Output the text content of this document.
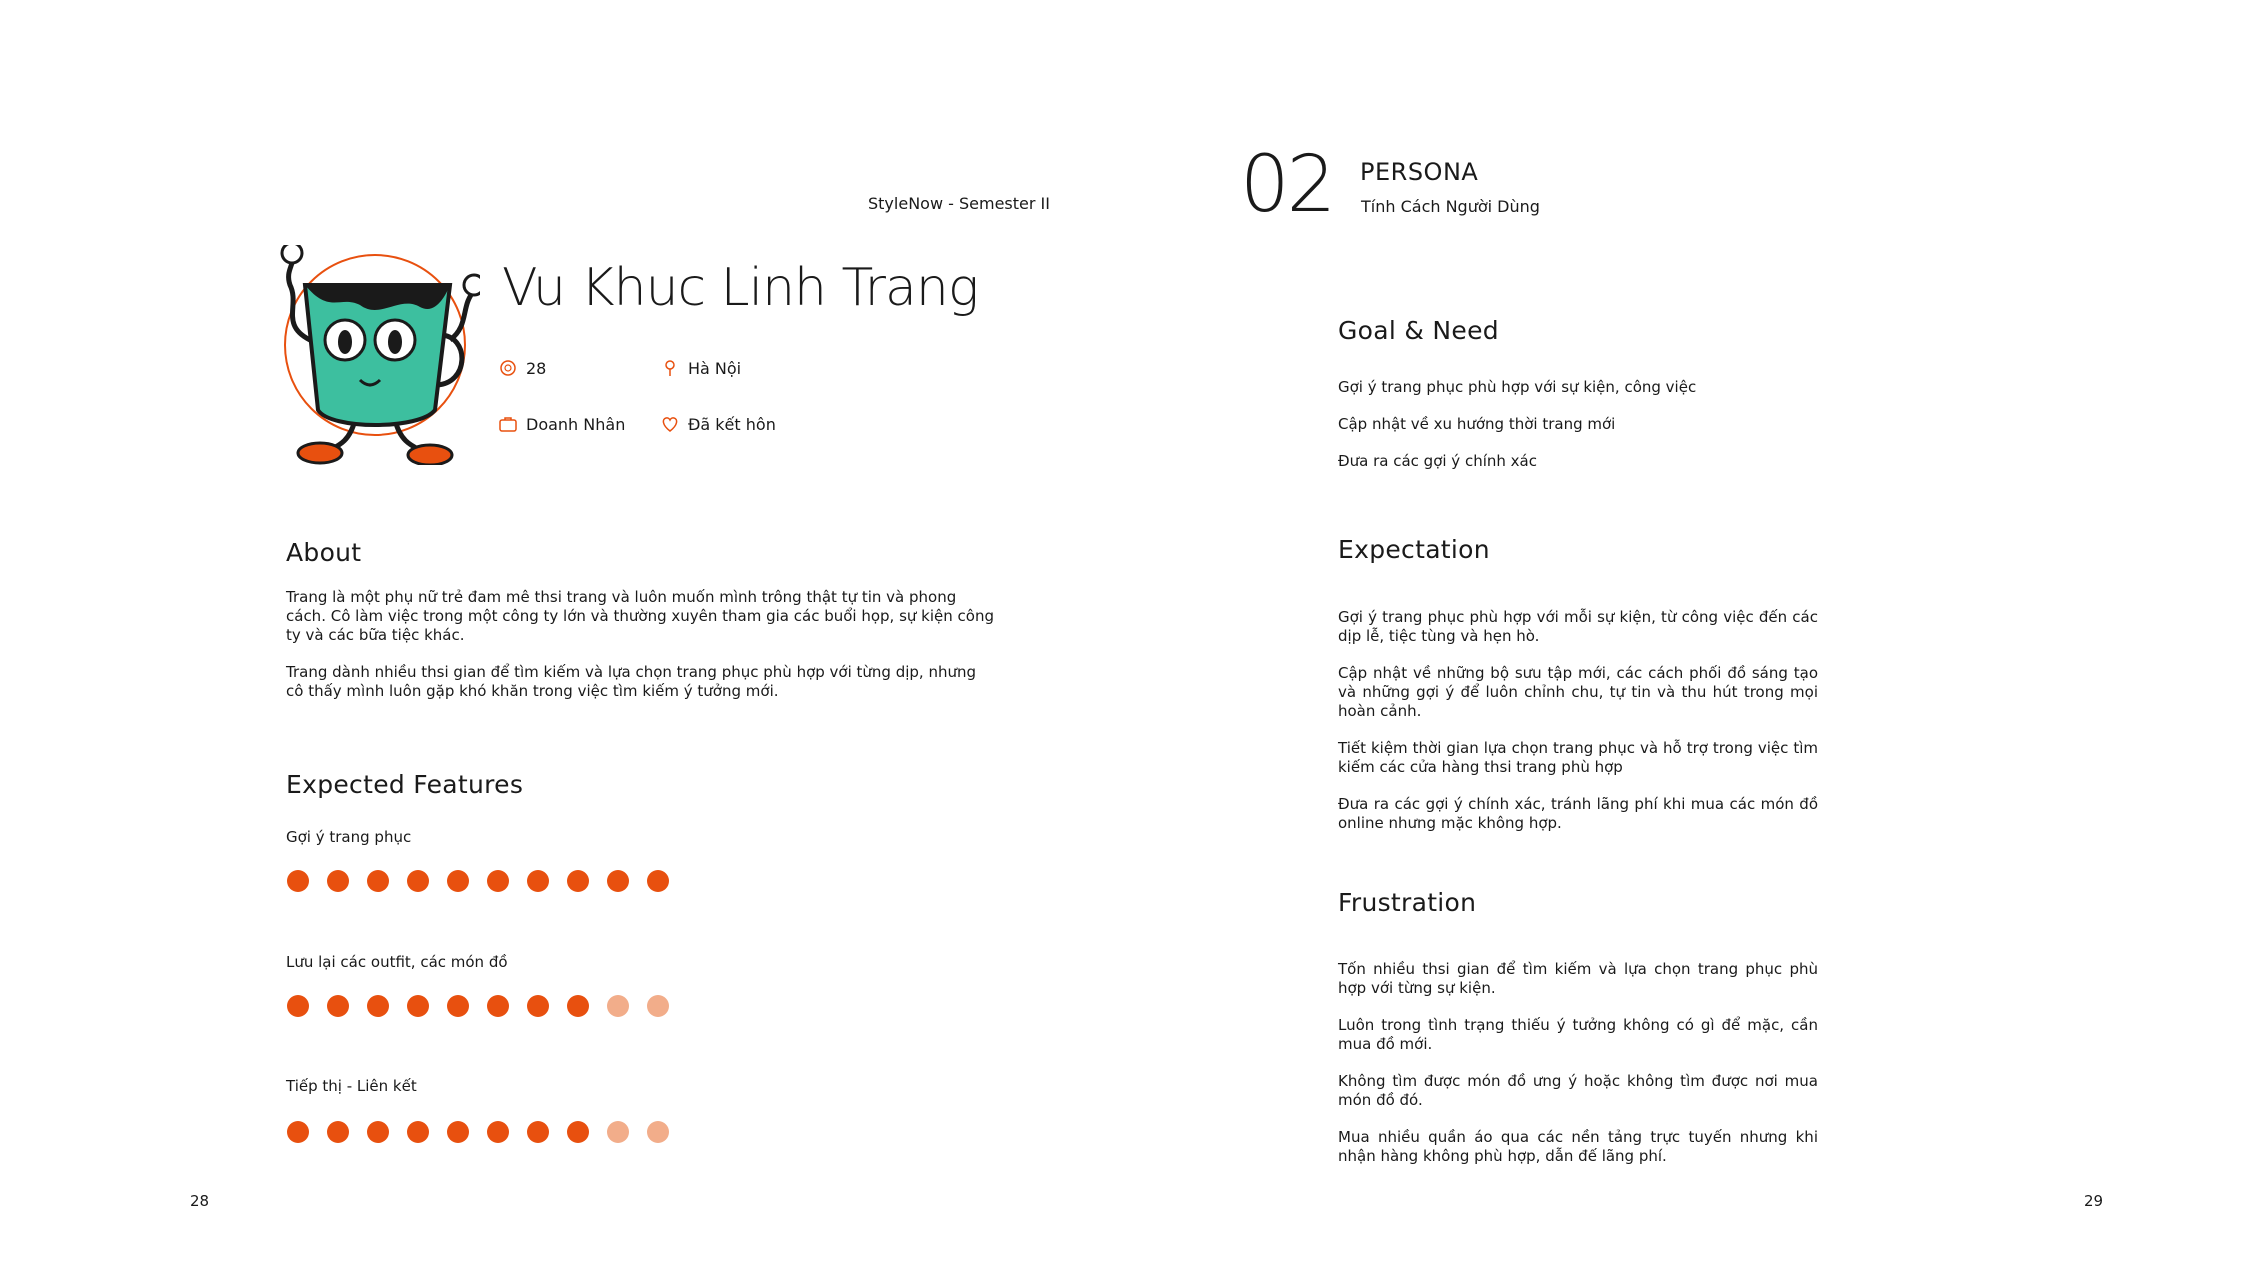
StyleNow - Semester II
Vu Khuc Linh Trang
28	Hà Nội
Doanh Nhân	Đã kết hôn
About

Trang là một phụ nữ trẻ đam mê thsi trang và luôn muốn mình trông thật tự tin và phong cách. Cô làm việc trong một công ty lớn và thường xuyên tham gia các buổi họp, sự kiện công ty và các bữa tiệc khác.

Trang dành nhiều thsi gian để tìm kiếm và lựa chọn trang phục phù hợp với từng dịp, nhưng cô thấy mình luôn gặp khó khăn trong việc tìm kiếm ý tưởng mới.

Expected Features
Gợi ý trang phục
Lưu lại các outfit, các món đồ
Tiếp thị - Liên kết
28
02 PERSONA
Tính Cách Người Dùng
Goal & Need

Gợi ý trang phục phù hợp với sự kiện, công việc

Cập nhật về xu hướng thời trang mới

Đưa ra các gợi ý chính xác

Expectation

Gợi ý trang phục phù hợp với mỗi sự kiện, từ công việc đến các dịp lễ, tiệc tùng và hẹn hò.

Cập nhật về những bộ sưu tập mới, các cách phối đồ sáng tạo và những gợi ý để luôn chỉnh chu, tự tin và thu hút trong mọi hoàn cảnh.

Tiết kiệm thời gian lựa chọn trang phục và hỗ trợ trong việc tìm kiếm các cửa hàng thsi trang phù hợp

Đưa ra các gợi ý chính xác, tránh lãng phí khi mua các món đồ online nhưng mặc không hợp.

Frustration

Tốn nhiều thsi gian để tìm kiếm và lựa chọn trang phục phù hợp với từng sự kiện.

Luôn trong tình trạng thiếu ý tưởng không có gì để mặc, cần mua đồ mới.

Không tìm được món đồ ưng ý hoặc không tìm được nơi mua món đồ đó.

Mua nhiều quần áo qua các nền tảng trực tuyến nhưng khi nhận hàng không phù hợp, dẫn đế lãng phí.

29
